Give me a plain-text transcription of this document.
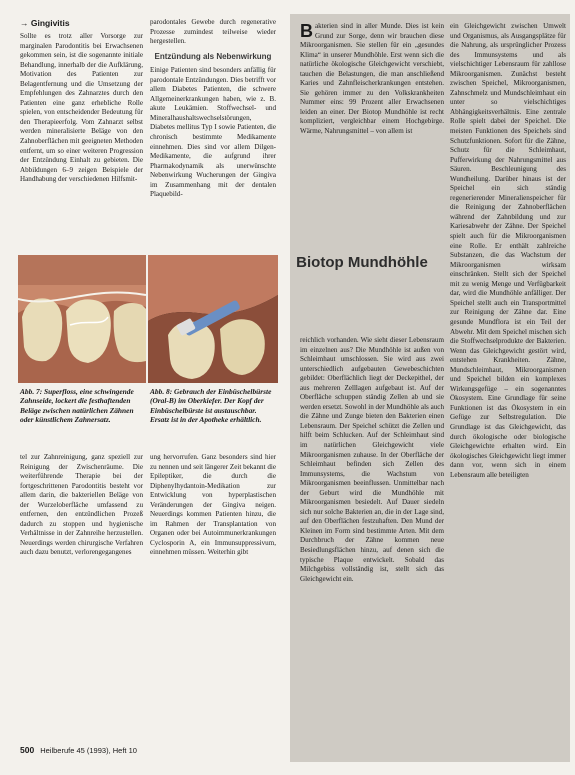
→ Gingivitis

Sollte es trotz aller Vorsorge zur marginalen Parodontitis bei Erwachsenen gekommen sein, ist die sogenannte initiale Behandlung, innerhalb der die Aufklärung, Motivation des Patienten zur Belagentfernung und die Umsetzung der Empfehlungen des Zahnarztes durch den Patienten eine ganz erhebliche Rolle spielen, von entscheidender Bedeutung für den Therapieerfolg. Vom Zahnarzt selbst werden mineralisierte Beläge von den Zahnoberflächen mit geeigneten Methoden entfernt, um so einer weiteren Progression der Entzündung Einhalt zu gebieten. Die Abbildungen 6–9 zeigen Beispiele der Handhabung der verschiedenen Hilfsmit-

parodontales Gewebe durch regenerative Prozesse zumindest teilweise wieder hergestellen.

Entzündung als Nebenwirkung

Einige Patienten sind besonders anfällig für parodontale Entzündungen. Dies betrifft vor allem Diabetes Patienten, die schwere Allgemeinerkrankungen haben, wie z. B. akute Leukämien. Stoffwechsel- und Mineralhaushaltswechselstörungen, Diabetes mellitus Typ I sowie Patienten, die chronisch bestimmte Medikamente einnehmen. Dies sind vor allem Dilgen-Medikamente, die aufgrund ihrer Pharmakodynamik als unerwünschte Nebenwirkung Wucherungen der Gingiva im Zusammenhang mit der dentalen Plaquebild-

Abb. 7: Superfloss, eine schwingende Zahnseide, lockert die festhaftenden Beläge zwischen natürlichen Zähnen oder künstlichem Zahnersatz.

Abb. 8: Gebrauch der Einbüschelbürste (Oral-B) im Oberkiefer. Der Kopf der Einbüschelbürste ist austauschbar. Ersatz ist in der Apotheke erhältlich.

tel zur Zahnreinigung, ganz speziell zur Reinigung der Zwischenräume. Die weiterführende Therapie bei der fortgeschrittenen Parodontitis besteht vor allem darin, die bakteriellen Beläge von der Wurzeloberfläche umfassend zu entfernen, den entzündlichen Prozeß dadurch zu stoppen und hygienische Verhältnisse in der Zahnreihe herzustellen. Neuerdings werden chirurgische Verfahren auch dazu benutzt, verlorengegangenes

ung hervorrufen. Ganz besonders sind hier zu nennen und seit längerer Zeit bekannt die Epileptiker, die durch die Diphenylhydantoin-Medikation zur Entwicklung von hyperplastischen Veränderungen der Gingiva neigen. Neuerdings kommen Patienten hinzu, die im Rahmen der Transplantation von Organen oder bei Autoimmunerkrankungen Cyclosporin A, ein Immunsuppressivum, einnehmen müssen. Weiterhin gibt

Bakterien sind in aller Munde. Dies ist kein Grund zur Sorge, denn wir brauchen diese Mikroorganismen. Sie stellen für ein „gesundes Klima“ in unserer Mundhöhle. Erst wenn sich die natürliche ökologische Gleichgewicht verschiebt, tauchen die Belastungen, die man anschließend Karies und Zahnfleischerkrankungen entstehen. Sie gehören immer zu den Volkskrankheiten Nummer eins: 99 Prozent aller Erwachsenen leiden an einer. Der Biotop Mundhöhle ist recht kompliziert, vergleichbar einem Hochgebirge. Wärme, Nahrungsmittel – von allem ist

reichlich vorhanden. Wie sieht dieser Lebensraum im einzelnen aus? Die Mundhöhle ist außen von Schleimhaut umschlossen. Sie wird aus zwei unterschiedlich aufgebauten Gewebeschichten gebildet: Oberflächlich liegt der Deckepithel, der aus mehreren Zelllagen aufgebaut ist. Auf der Oberfläche schuppen ständig Zellen ab und sie werden ersetzt. Sowohl in der Mundhöhle als auch die Zähne und Zunge bieten den Bakterien einen Lebensraum. Der Speichel schützt die Zellen und hilft beim Schlucken. Auf der Schleimhaut sind im natürlichen Gleichgewicht viele Mikroorganismen zuhause. In der Oberfläche der Schleimhaut befinden sich Zellen des Immunsystems, die Wachstum von Mikroorganismen beeinflussen. Unmittelbar nach der Geburt wird die Mundhöhle mit Mikroorganismen besiedelt. Auf Dauer siedeln sich nur solche Bakterien an, die in der Lage sind, auf den Oberflächen festzuhaften. Den Mund der Kleinen im Form sind bestimmte Arten. Mit dem Durchbruch der Zähne kommen neue Besiedlungsflächen hinzu, auf denen sich die typische Plaque entwickelt. Sobald das Milchgebiss vollständig ist, stellt sich das Gleichgewicht ein.

ein Gleichgewicht zwischen Umwelt und Organismus, als Ausgangsplätze für die Nahrung, als ursprünglicher Prozess des Immunsystems und als vielschichtiger Lebensraum für zahllose Mikroorganismen. Zunächst besteht zwischen Speichel, Mikroorganismen, Zahnschmelz und Mundschleimhaut ein unter so vielschichtiges Abhängigkeitsverhältnis. Eine zentrale Rolle spielt dabei der Speichel. Die meisten Funktionen des Speichels sind Schutzfunktionen. Sofort für die Zähne, Schutz für die Schleimhaut, Pufferwirkung der Nahrungsmittel aus Säuren. Beschleunigung des Wundheilung. Darüber hinaus ist der Speichel ein sich ständig regenerierender Mineralienspeicher für die Reinigung der Zahnoberflächen während der Zahnbildung und zur Kariesabwehr der Zähne. Der Speichel spielt auch für die Mikroorganismen eine Rolle. Er enthält zahlreiche Substanzen, die das Wachstum der Mikroorganismen wirksam einschränken. Stellt sich der Speichel mit zu wenig Menge und Verfügbarkeit dar, wird die Mundhöhle anfälliger. Der Speichel stellt auch ein Transportmittel zur Reinigung der Zähne dar. Eine gesunde Mundflora ist ein Teil der Abwehr. Mit dem Speichel mischen sich die Stoffwechselprodukte der Bakterien. Wenn das Gleichgewicht gestört wird, entstehen Krankheiten. Zähne, Mundschleimhaut, Mikroorganismen und Speichel bilden ein komplexes Wirkungsgefüge – ein sogenanntes Ökosystem. Eine Grundlage für seine Funktionen ist das Ökosystem in ein Gefüge zur Selbstregulation. Die Grundlage ist das Gleichgewicht, das durch ökologische oder biologische Gleichgewichte erhalten wird. Ein ökologisches Gleichgewicht liegt immer dann vor, wenn sich in einem Lebensraum alle beteiligten

Biotop Mundhöhle
500 Heilberufe 45 (1993), Heft 10
